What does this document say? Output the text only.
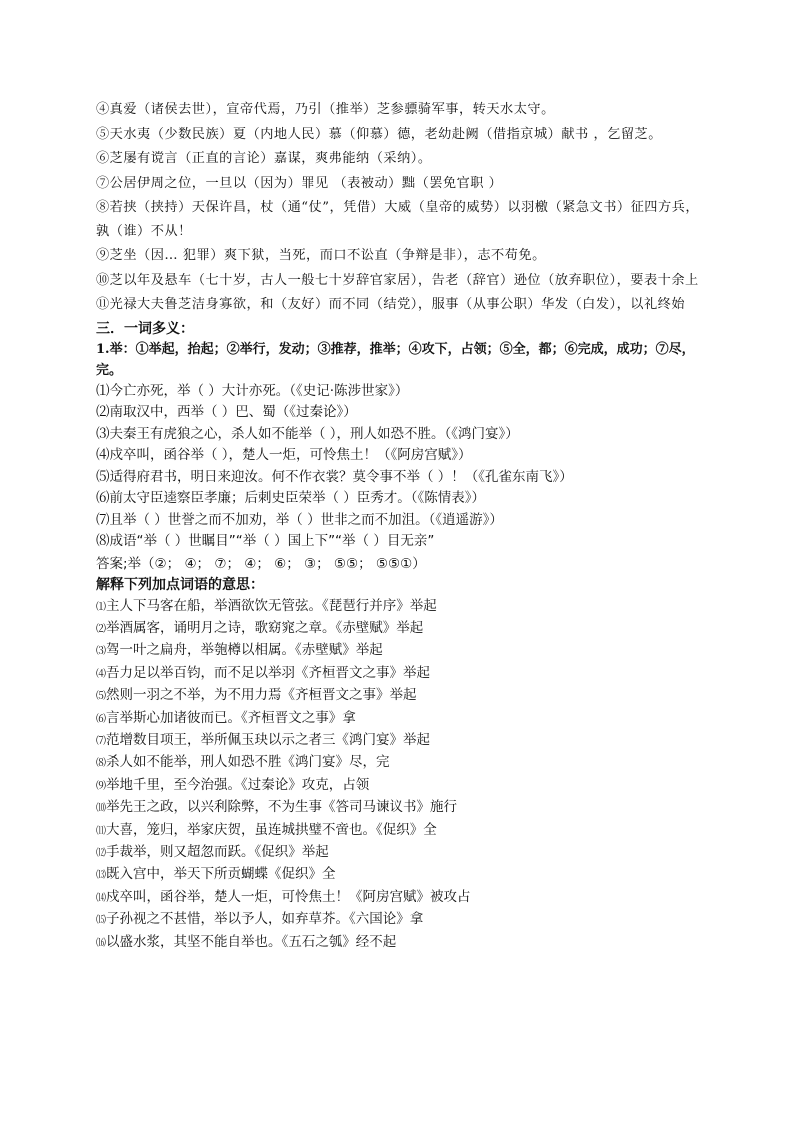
④真爱（诸侯去世），宣帝代焉，乃引（推举）芝参骠骑军事，转天水太守。

⑤天水夷（少数民族）夏（内地人民）慕（仰慕）德，老幼赴阙（借指京城）献书 ，乞留芝。

⑥芝屡有谠言（正直的言论）嘉谋，爽弗能纳（采纳）。

⑦公居伊周之位，一旦以（因为）罪见 （表被动）黜（罢免官职 ）

⑧若挟（挟持）天保许昌，杖（通“仗”，凭借）大威（皇帝的威势）以羽檄（紧急文书）征四方兵，孰（谁）不从！

⑨芝坐（因… 犯罪）爽下狱，当死，而口不讼直（争辩是非），志不苟免。

⑩芝以年及悬车（七十岁，古人一般七十岁辞官家居），告老（辞官）逊位（放弃职位），要表十余上

⑪光禄大夫鲁芝洁身寡欲，和（友好）而不同（结党），服事（从事公职）华发（白发），以礼终始

三．一词多义：
1.举：①举起，抬起；②举行，发动；③推荐，推举；④攻下，占领；⑤全，都；⑥完成，成功；⑦尽，完。
⑴今亡亦死，举（ ）大计亦死。（《史记·陈涉世家》）
⑵南取汉中，西举（ ）巴、蜀（《过秦论》）
⑶夫秦王有虎狼之心，杀人如不能举（ ），刑人如恐不胜。（《鸿门宴》）
⑷戍卒叫，函谷举（ ），楚人一炬，可怜焦土！（《阿房宫赋》）
⑸适得府君书，明日来迎汝。何不作衣裳？莫令事不举（ ）！（《孔雀东南飞》）
⑹前太守臣逵察臣孝廉；后刺史臣荣举（ ）臣秀才。（《陈情表》）
⑺且举（ ）世誉之而不加劝，举（ ）世非之而不加沮。（《逍遥游》）
⑻成语“举（ ）世瞩目”“举（ ）国上下”“举（ ）目无亲”
答案;举（②； ④； ⑦； ④； ⑥； ③； ⑤⑤； ⑤⑤①）
解释下列加点词语的意思：
⑴主人下马客在船，举酒欲饮无管弦。《琵琶行并序》举起
⑵举酒属客，诵明月之诗，歌窈窕之章。《赤壁赋》举起
⑶驾一叶之扁舟，举匏樽以相属。《赤壁赋》举起
⑷吾力足以举百钧，而不足以举羽《齐桓晋文之事》举起
⑸然则一羽之不举，为不用力焉《齐桓晋文之事》举起
⑹言举斯心加诸彼而已。《齐桓晋文之事》拿
⑺范增数目项王，举所佩玉玦以示之者三《鸿门宴》举起
⑻杀人如不能举，刑人如恐不胜《鸿门宴》尽，完
⑼举地千里，至今治强。《过秦论》攻克，占领
⑽举先王之政，以兴利除弊，不为生事《答司马谏议书》施行
⑾大喜，笼归，举家庆贺，虽连城拱璧不啻也。《促织》全
⑿手裁举，则又超忽而跃。《促织》举起
⒀既入宫中，举天下所贡蝴蝶《促织》全
⒁戍卒叫，函谷举，楚人一炬，可怜焦土！《阿房宫赋》被攻占
⒂子孙视之不甚惜，举以予人，如弃草芥。《六国论》拿
⒃以盛水浆，其坚不能自举也。《五石之瓠》经不起
